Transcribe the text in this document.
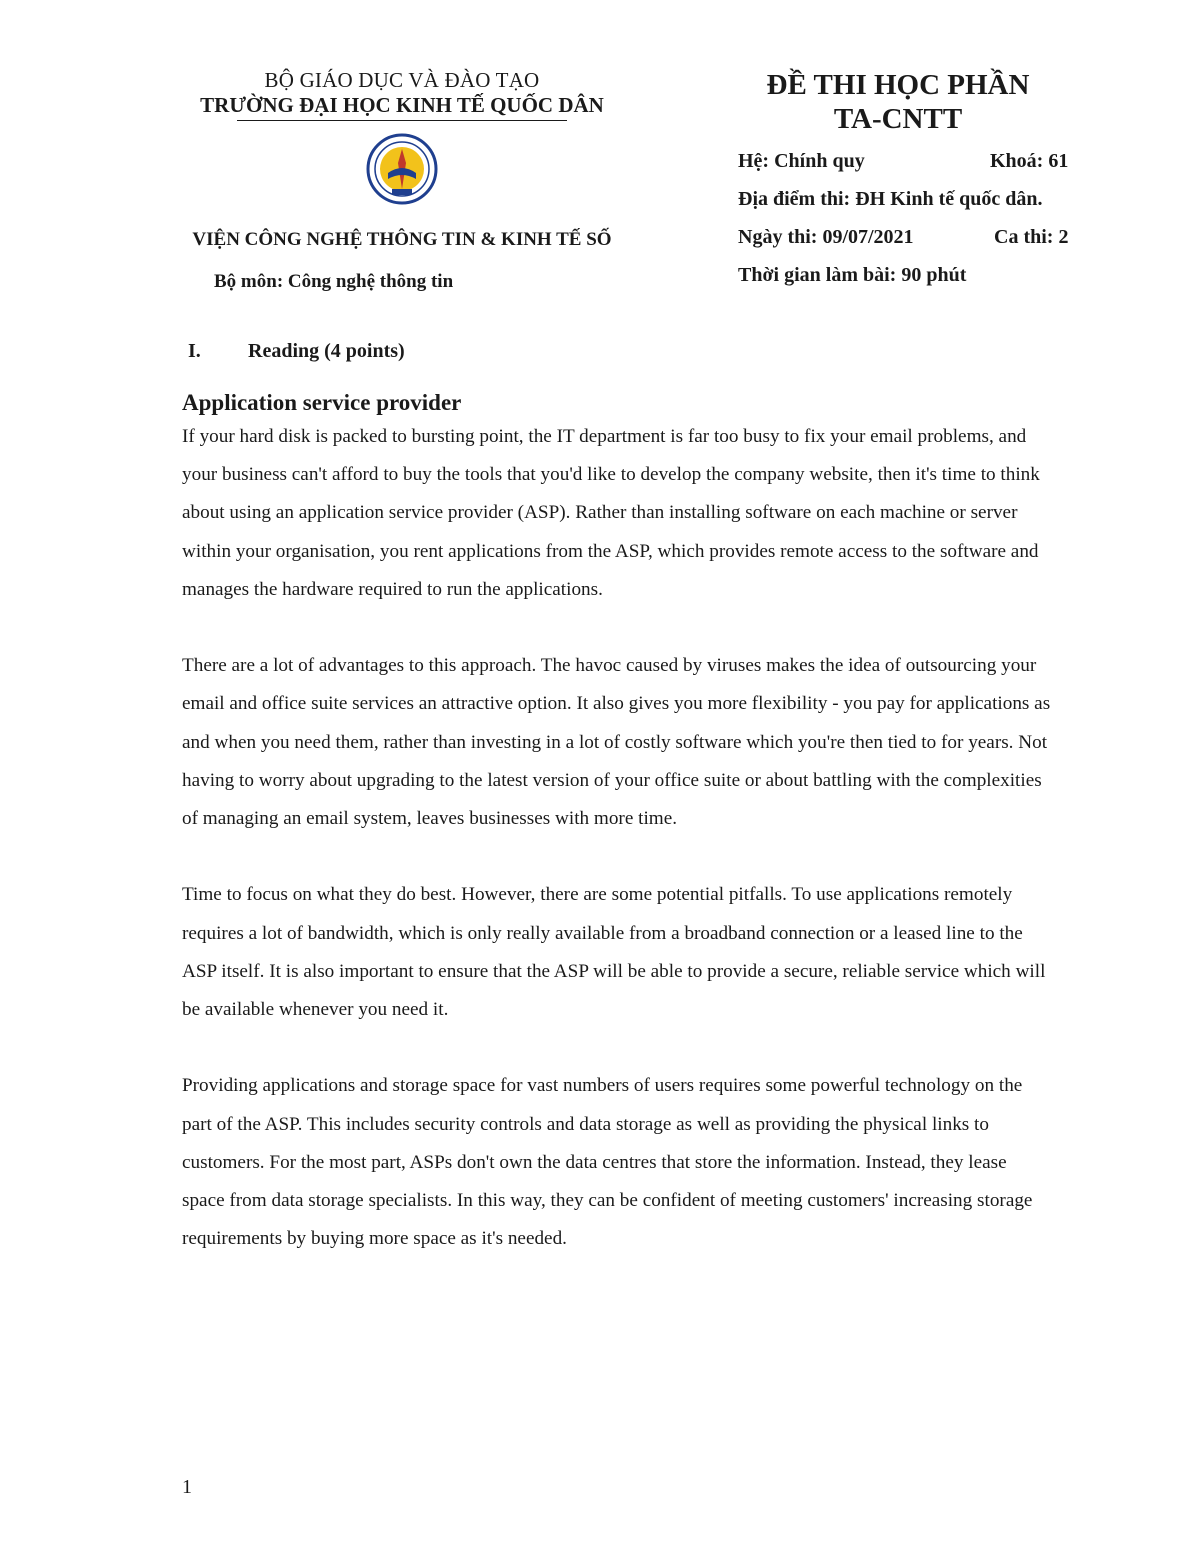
BỘ GIÁO DỤC VÀ ĐÀO TẠO

TRƯỜNG ĐẠI HỌC KINH TẾ QUỐC DÂN

VIỆN CÔNG NGHỆ THÔNG TIN & KINH TẾ SỐ

Bộ môn: Công nghệ thông tin

ĐỀ THI HỌC PHẦN

TA-CNTT

Hệ: Chính quy	Khoá: 61
Địa điểm thi: ĐH Kinh tế quốc dân.
Ngày thi: 09/07/2021	Ca thi: 2
Thời gian làm bài: 90 phút
I. Reading (4 points)
Application service provider

If your hard disk is packed to bursting point, the IT department is far too busy to fix your email problems, and your business can't afford to buy the tools that you'd like to develop the company website, then it's time to think about using an application service provider (ASP). Rather than installing software on each machine or server within your organisation, you rent applications from the ASP, which provides remote access to the software and manages the hardware required to run the applications.

There are a lot of advantages to this approach. The havoc caused by viruses makes the idea of outsourcing your email and office suite services an attractive option. It also gives you more flexibility - you pay for applications as and when you need them, rather than investing in a lot of costly software which you're then tied to for years. Not having to worry about upgrading to the latest version of your office suite or about battling with the complexities of managing an email system, leaves businesses with more time.

Time to focus on what they do best. However, there are some potential pitfalls. To use applications remotely requires a lot of bandwidth, which is only really available from a broadband connection or a leased line to the ASP itself. It is also important to ensure that the ASP will be able to provide a secure, reliable service which will be available whenever you need it.

Providing applications and storage space for vast numbers of users requires some powerful technology on the part of the ASP. This includes security controls and data storage as well as providing the physical links to customers. For the most part, ASPs don't own the data centres that store the information. Instead, they lease space from data storage specialists. In this way, they can be confident of meeting customers' increasing storage requirements by buying more space as it's needed.

1
